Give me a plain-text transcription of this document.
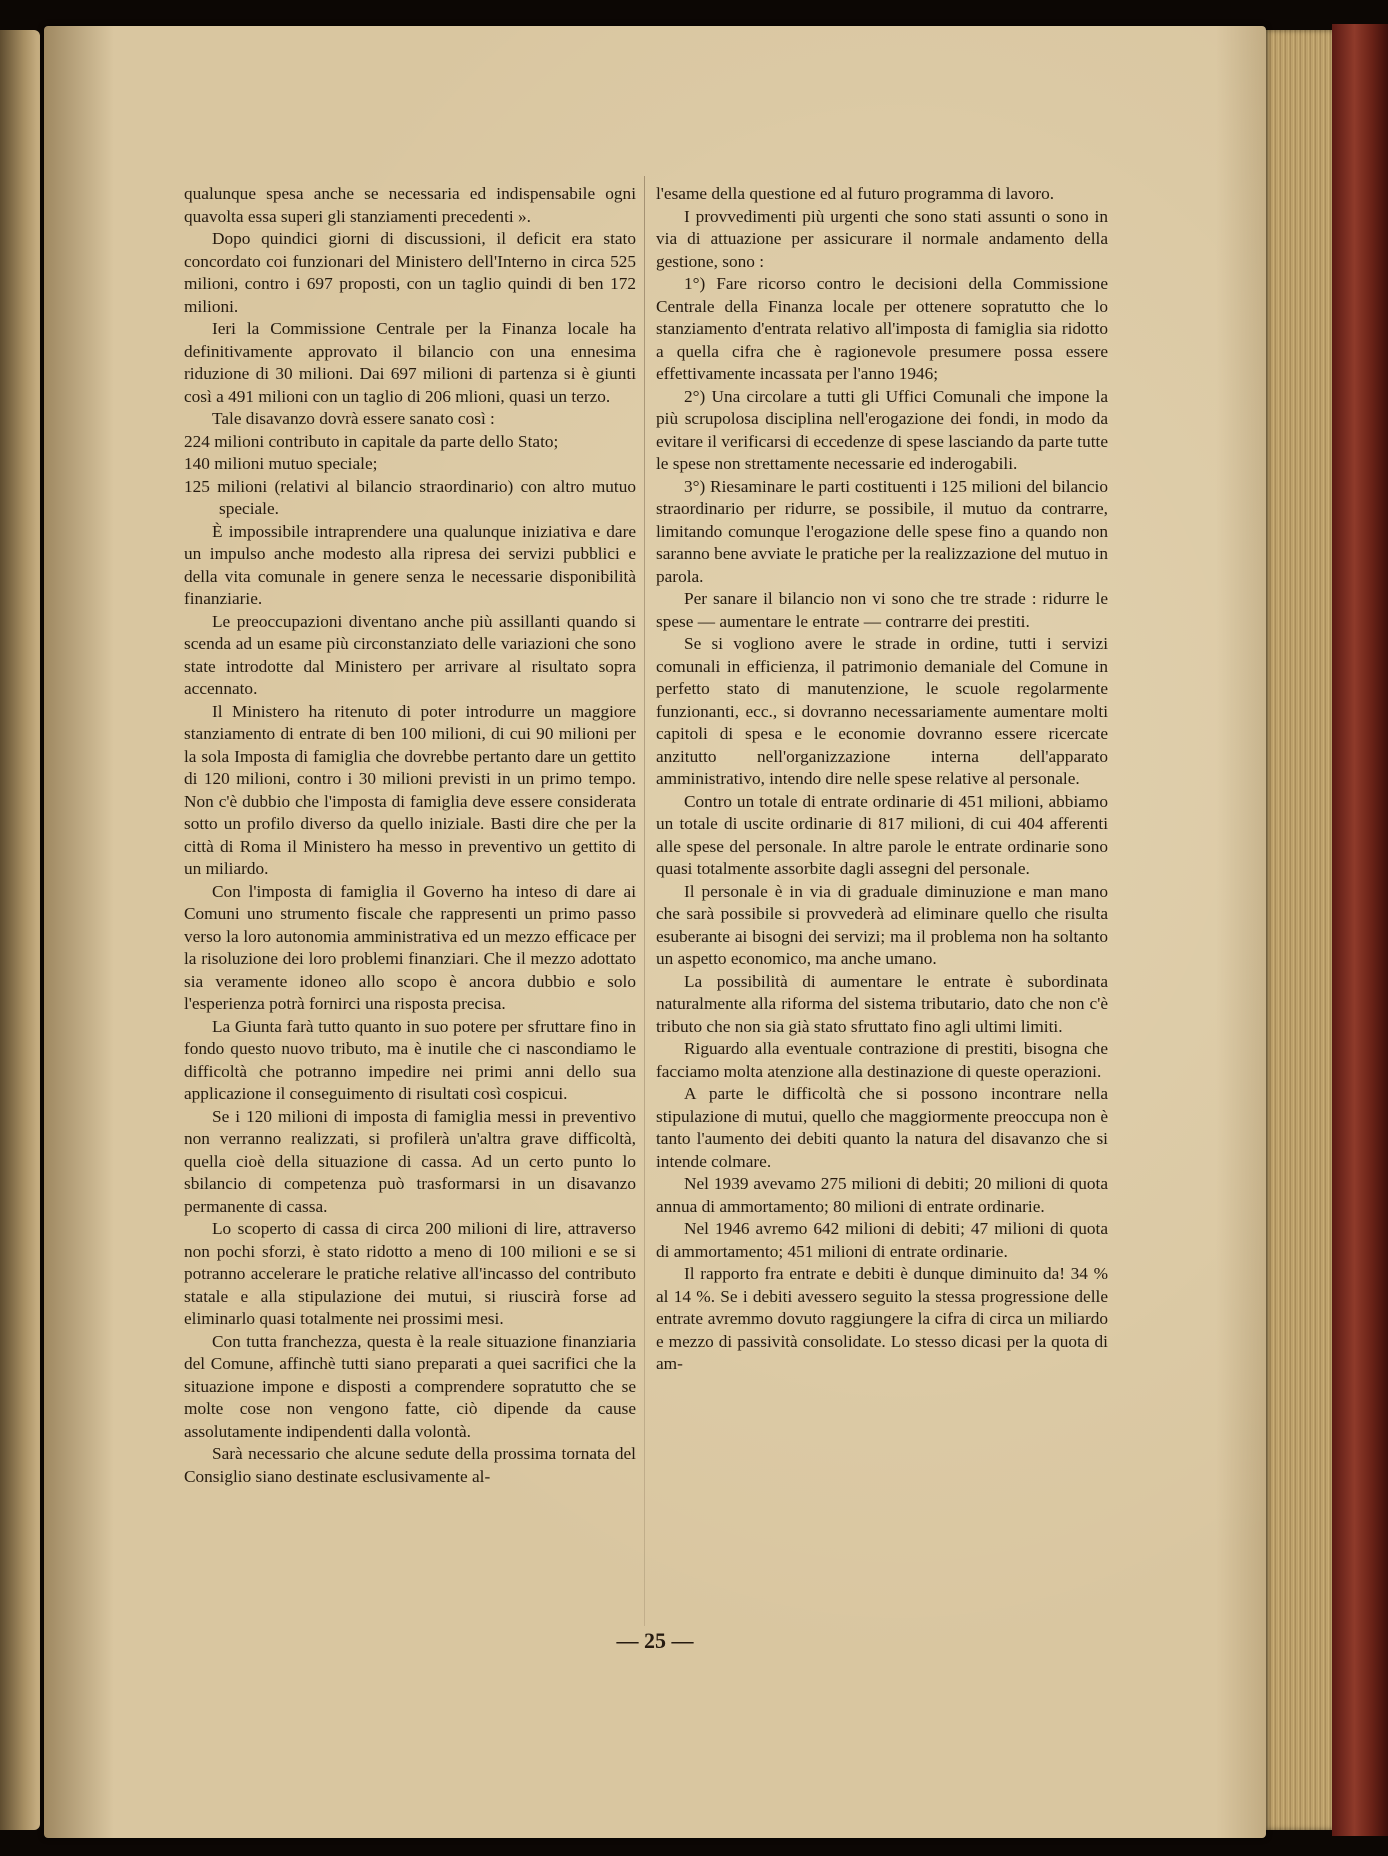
qualunque spesa anche se necessaria ed indispensabile ogni quavolta essa superi gli stanziamenti precedenti ».

Dopo quindici giorni di discussioni, il deficit era stato concordato coi funzionari del Ministero dell'Interno in circa 525 milioni, contro i 697 proposti, con un taglio quindi di ben 172 milioni.

Ieri la Commissione Centrale per la Finanza locale ha definitivamente approvato il bilancio con una ennesima riduzione di 30 milioni. Dai 697 milioni di partenza si è giunti così a 491 milioni con un taglio di 206 mlioni, quasi un terzo.

Tale disavanzo dovrà essere sanato così :

224 milioni contributo in capitale da parte dello Stato;

140 milioni mutuo speciale;

125 milioni (relativi al bilancio straordinario) con altro mutuo speciale.

È impossibile intraprendere una qualunque iniziativa e dare un impulso anche modesto alla ripresa dei servizi pubblici e della vita comunale in genere senza le necessarie disponibilità finanziarie.

Le preoccupazioni diventano anche più assillanti quando si scenda ad un esame più circonstanziato delle variazioni che sono state introdotte dal Ministero per arrivare al risultato sopra accennato.

Il Ministero ha ritenuto di poter introdurre un maggiore stanziamento di entrate di ben 100 milioni, di cui 90 milioni per la sola Imposta di famiglia che dovrebbe pertanto dare un gettito di 120 milioni, contro i 30 milioni previsti in un primo tempo. Non c'è dubbio che l'imposta di famiglia deve essere considerata sotto un profilo diverso da quello iniziale. Basti dire che per la città di Roma il Ministero ha messo in preventivo un gettito di un miliardo.

Con l'imposta di famiglia il Governo ha inteso di dare ai Comuni uno strumento fiscale che rappresenti un primo passo verso la loro autonomia amministrativa ed un mezzo efficace per la risoluzione dei loro problemi finanziari. Che il mezzo adottato sia veramente idoneo allo scopo è ancora dubbio e solo l'esperienza potrà fornirci una risposta precisa.

La Giunta farà tutto quanto in suo potere per sfruttare fino in fondo questo nuovo tributo, ma è inutile che ci nascondiamo le difficoltà che potranno impedire nei primi anni dello sua applicazione il conseguimento di risultati così cospicui.

Se i 120 milioni di imposta di famiglia messi in preventivo non verranno realizzati, si profilerà un'altra grave difficoltà, quella cioè della situazione di cassa. Ad un certo punto lo sbilancio di competenza può trasformarsi in un disavanzo permanente di cassa.

Lo scoperto di cassa di circa 200 milioni di lire, attraverso non pochi sforzi, è stato ridotto a meno di 100 milioni e se si potranno accelerare le pratiche relative all'incasso del contributo statale e alla stipulazione dei mutui, si riuscirà forse ad eliminarlo quasi totalmente nei prossimi mesi.

Con tutta franchezza, questa è la reale situazione finanziaria del Comune, affinchè tutti siano preparati a quei sacrifici che la situazione impone e disposti a comprendere sopratutto che se molte cose non vengono fatte, ciò dipende da cause assolutamente indipendenti dalla volontà.

Sarà necessario che alcune sedute della prossima tornata del Consiglio siano destinate esclusivamente al-

l'esame della questione ed al futuro programma di lavoro.

I provvedimenti più urgenti che sono stati assunti o sono in via di attuazione per assicurare il normale andamento della gestione, sono :

1°) Fare ricorso contro le decisioni della Commissione Centrale della Finanza locale per ottenere sopratutto che lo stanziamento d'entrata relativo all'imposta di famiglia sia ridotto a quella cifra che è ragionevole presumere possa essere effettivamente incassata per l'anno 1946;

2°) Una circolare a tutti gli Uffici Comunali che impone la più scrupolosa disciplina nell'erogazione dei fondi, in modo da evitare il verificarsi di eccedenze di spese lasciando da parte tutte le spese non strettamente necessarie ed inderogabili.

3°) Riesaminare le parti costituenti i 125 milioni del bilancio straordinario per ridurre, se possibile, il mutuo da contrarre, limitando comunque l'erogazione delle spese fino a quando non saranno bene avviate le pratiche per la realizzazione del mutuo in parola.

Per sanare il bilancio non vi sono che tre strade : ridurre le spese — aumentare le entrate — contrarre dei prestiti.

Se si vogliono avere le strade in ordine, tutti i servizi comunali in efficienza, il patrimonio demaniale del Comune in perfetto stato di manutenzione, le scuole regolarmente funzionanti, ecc., si dovranno necessariamente aumentare molti capitoli di spesa e le economie dovranno essere ricercate anzitutto nell'organizzazione interna dell'apparato amministrativo, intendo dire nelle spese relative al personale.

Contro un totale di entrate ordinarie di 451 milioni, abbiamo un totale di uscite ordinarie di 817 milioni, di cui 404 afferenti alle spese del personale. In altre parole le entrate ordinarie sono quasi totalmente assorbite dagli assegni del personale.

Il personale è in via di graduale diminuzione e man mano che sarà possibile si provvederà ad eliminare quello che risulta esuberante ai bisogni dei servizi; ma il problema non ha soltanto un aspetto economico, ma anche umano.

La possibilità di aumentare le entrate è subordinata naturalmente alla riforma del sistema tributario, dato che non c'è tributo che non sia già stato sfruttato fino agli ultimi limiti.

Riguardo alla eventuale contrazione di prestiti, bisogna che facciamo molta atenzione alla destinazione di queste operazioni.

A parte le difficoltà che si possono incontrare nella stipulazione di mutui, quello che maggiormente preoccupa non è tanto l'aumento dei debiti quanto la natura del disavanzo che si intende colmare.

Nel 1939 avevamo 275 milioni di debiti; 20 milioni di quota annua di ammortamento; 80 milioni di entrate ordinarie.

Nel 1946 avremo 642 milioni di debiti; 47 milioni di quota di ammortamento; 451 milioni di entrate ordinarie.

Il rapporto fra entrate e debiti è dunque diminuito da! 34 % al 14 %. Se i debiti avessero seguito la stessa progressione delle entrate avremmo dovuto raggiungere la cifra di circa un miliardo e mezzo di passività consolidate. Lo stesso dicasi per la quota di am-

— 25 —
